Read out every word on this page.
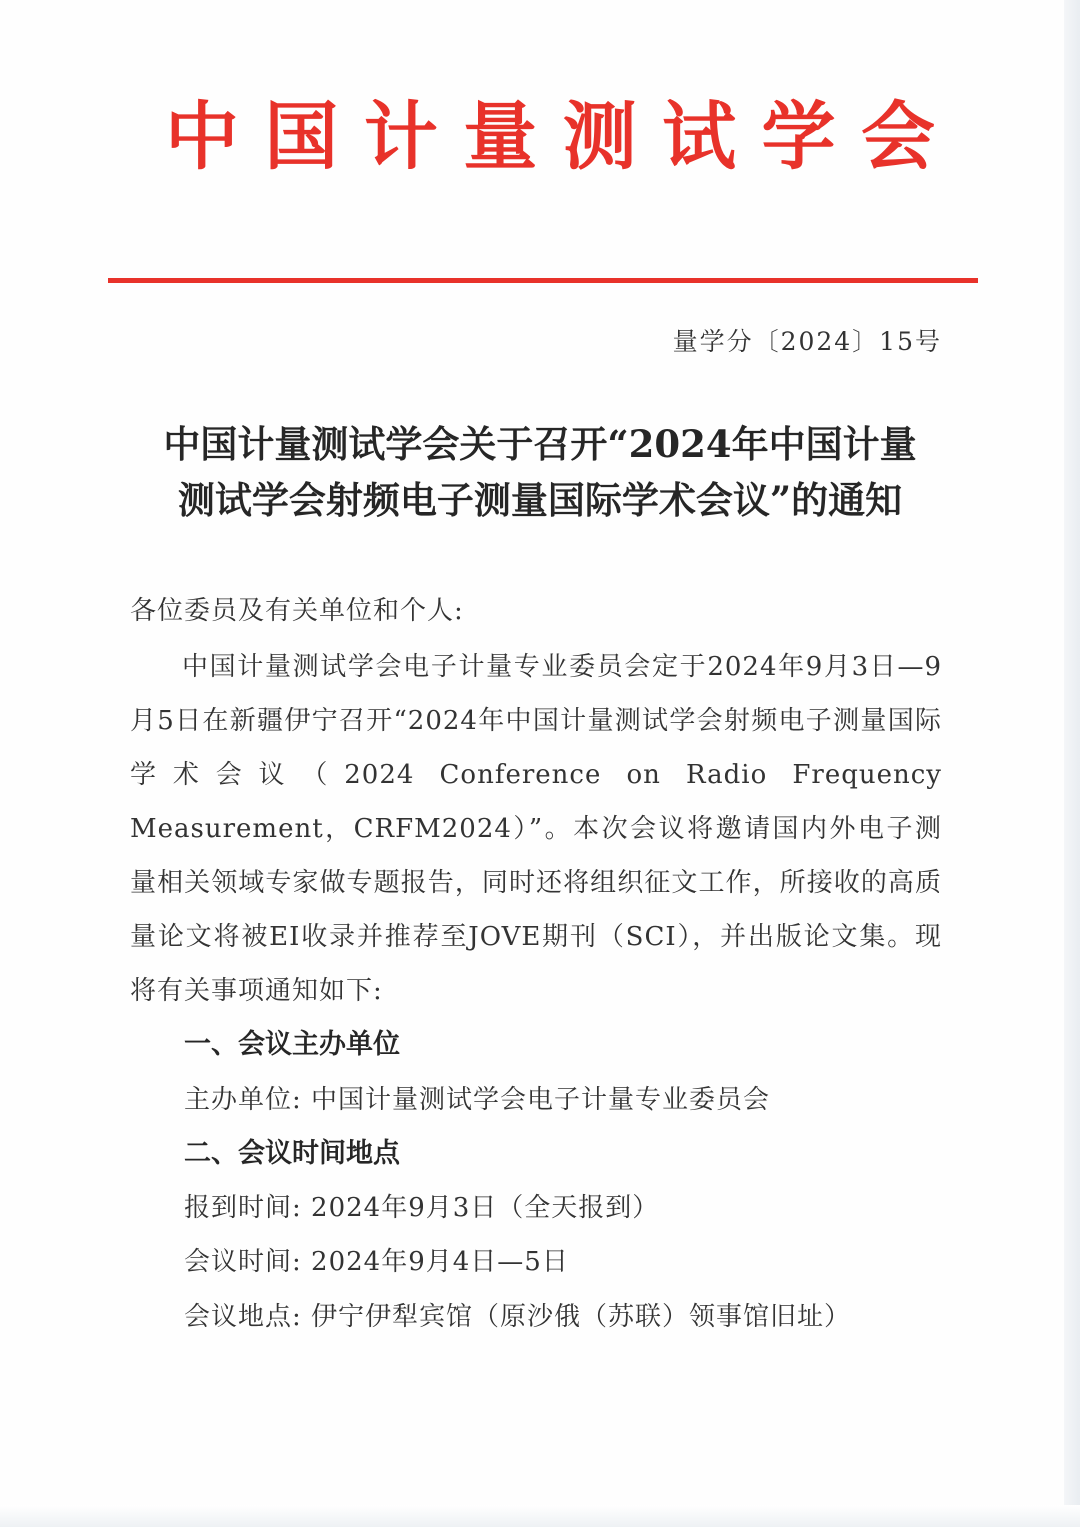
中 国 计 量 测 试 学 会
量学分〔2024〕15号
中国计量测试学会关于召开“2024年中国计量
测试学会射频电子测量国际学术会议”的通知
各位委员及有关单位和个人:
中国计量测试学会电子计量专业委员会定于2024年9月3日—9月5日在新疆伊宁召开“2024年中国计量测试学会射频电子测量国际学术会议（2024 Conference on Radio Frequency Measurement，CRFM2024）”。本次会议将邀请国内外电子测量相关领域专家做专题报告，同时还将组织征文工作，所接收的高质量论文将被EI收录并推荐至JOVE期刊（SCI），并出版论文集。现将有关事项通知如下:
一、会议主办单位
主办单位: 中国计量测试学会电子计量专业委员会
二、会议时间地点
报到时间: 2024年9月3日（全天报到）
会议时间: 2024年9月4日—5日
会议地点: 伊宁伊犁宾馆（原沙俄（苏联）领事馆旧址）
